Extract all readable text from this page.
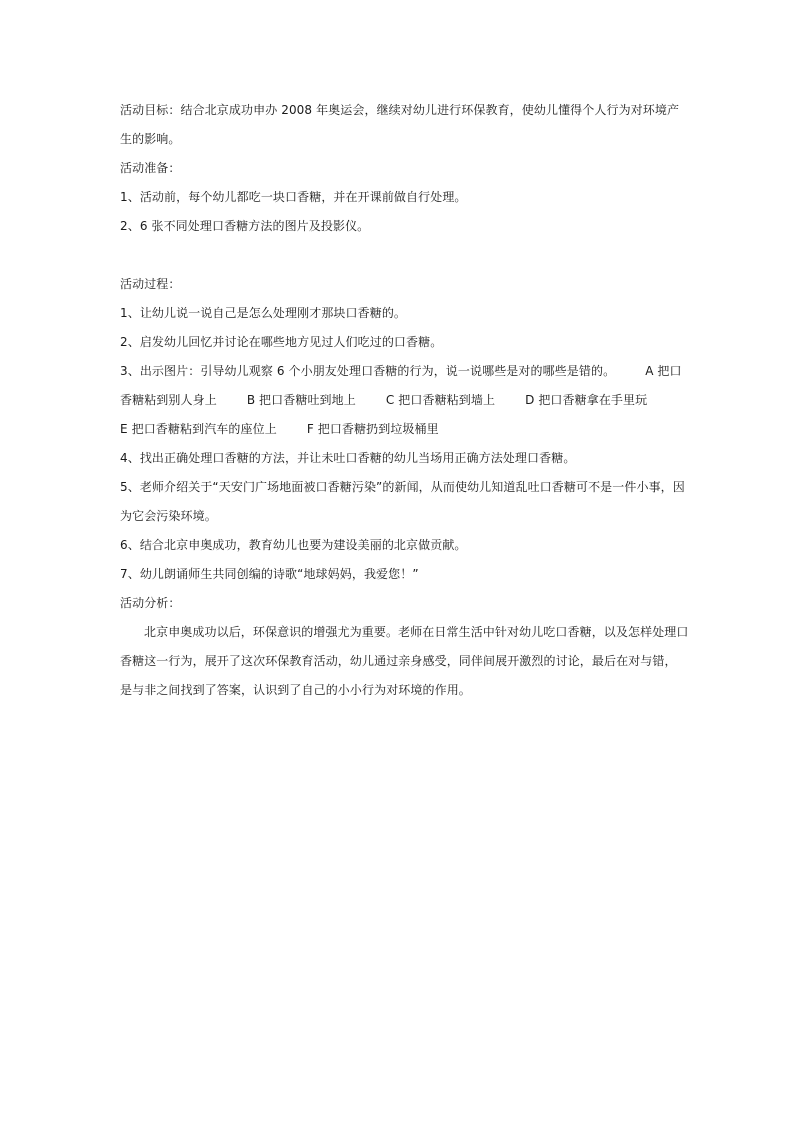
活动目标：结合北京成功申办 2008 年奥运会，继续对幼儿进行环保教育，使幼儿懂得个人行为对环境产
生的影响。
活动准备：
1、活动前，每个幼儿都吃一块口香糖，并在开课前做自行处理。
2、6 张不同处理口香糖方法的图片及投影仪。
活动过程：
1、让幼儿说一说自己是怎么处理刚才那块口香糖的。
2、启发幼儿回忆并讨论在哪些地方见过人们吃过的口香糖。
3、出示图片：引导幼儿观察 6 个小朋友处理口香糖的行为，说一说哪些是对的哪些是错的。	A 把口
香糖粘到别人身上	B 把口香糖吐到地上	C 把口香糖粘到墙上	D 把口香糖拿在手里玩
E 把口香糖粘到汽车的座位上	F 把口香糖扔到垃圾桶里
4、找出正确处理口香糖的方法，并让未吐口香糖的幼儿当场用正确方法处理口香糖。
5、老师介绍关于“天安门广场地面被口香糖污染”的新闻，从而使幼儿知道乱吐口香糖可不是一件小事，因
为它会污染环境。
6、结合北京申奥成功，教育幼儿也要为建设美丽的北京做贡献。
7、幼儿朗诵师生共同创编的诗歌“地球妈妈，我爱您！”
活动分析：
北京申奥成功以后，环保意识的增强尤为重要。老师在日常生活中针对幼儿吃口香糖，以及怎样处理口
香糖这一行为，展开了这次环保教育活动，幼儿通过亲身感受，同伴间展开激烈的讨论，最后在对与错，
是与非之间找到了答案，认识到了自己的小小行为对环境的作用。
